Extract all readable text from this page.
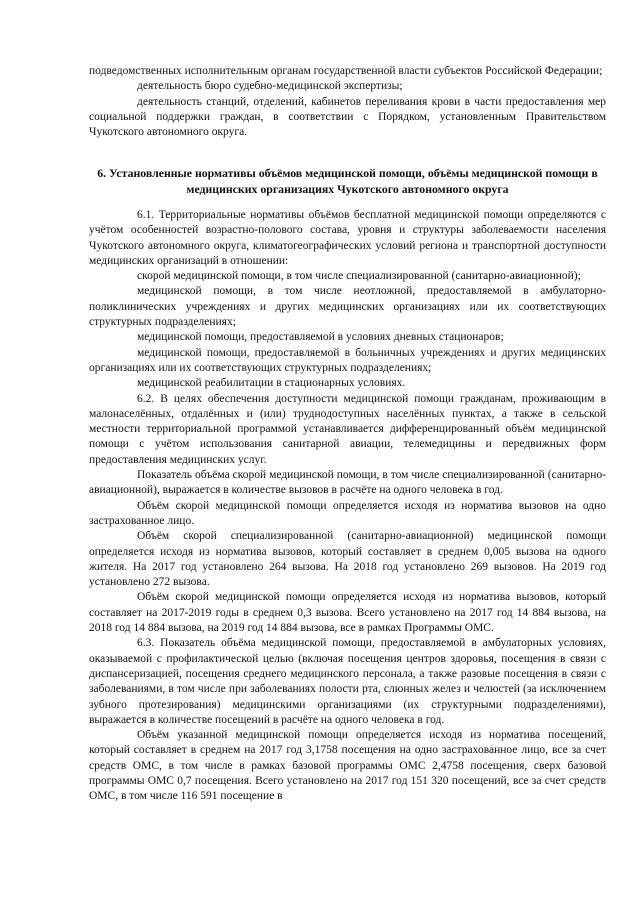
подведомственных исполнительным органам государственной власти субъектов Российской Федерации;

деятельность бюро судебно-медицинской экспертизы;

деятельность станций, отделений, кабинетов переливания крови в части предоставления мер социальной поддержки граждан, в соответствии с Порядком, установленным Правительством Чукотского автономного округа.

6. Установленные нормативы объёмов медицинской помощи, объёмы медицинской помощи в медицинских организациях Чукотского автономного округа

6.1. Территориальные нормативы объёмов бесплатной медицинской помощи определяются с учётом особенностей возрастно-полового состава, уровня и структуры заболеваемости населения Чукотского автономного округа, климатогеографических условий региона и транспортной доступности медицинских организаций в отношении:

скорой медицинской помощи, в том числе специализированной (санитарно-авиационной);

медицинской помощи, в том числе неотложной, предоставляемой в амбулаторно-поликлинических учреждениях и других медицинских организациях или их соответствующих структурных подразделениях;

медицинской помощи, предоставляемой в условиях дневных стационаров;

медицинской помощи, предоставляемой в больничных учреждениях и других медицинских организациях или их соответствующих структурных подразделениях;

медицинской реабилитации в стационарных условиях.

6.2. В целях обеспечения доступности медицинской помощи гражданам, проживающим в малонаселённых, отдалённых и (или) труднодоступных населённых пунктах, а также в сельской местности территориальной программой устанавливается дифференцированный объём медицинской помощи с учётом использования санитарной авиации, телемедицины и передвижных форм предоставления медицинских услуг.

Показатель объёма скорой медицинской помощи, в том числе специализированной (санитарно-авиационной), выражается в количестве вызовов в расчёте на одного человека в год.

Объём скорой медицинской помощи определяется исходя из норматива вызовов на одно застрахованное лицо.

Объём скорой специализированной (санитарно-авиационной) медицинской помощи определяется исходя из норматива вызовов, который составляет в среднем 0,005 вызова на одного жителя. На 2017 год установлено 264 вызова. На 2018 год установлено 269 вызовов. На 2019 год установлено 272 вызова.

Объём скорой медицинской помощи определяется исходя из норматива вызовов, который составляет на 2017-2019 годы в среднем 0,3 вызова. Всего установлено на 2017 год 14 884 вызова, на 2018 год 14 884 вызова, на 2019 год 14 884 вызова, все в рамках Программы ОМС.

6.3. Показатель объёма медицинской помощи, предоставляемой в амбулаторных условиях, оказываемой с профилактической целью (включая посещения центров здоровья, посещения в связи с диспансеризацией, посещения среднего медицинского персонала, а также разовые посещения в связи с заболеваниями, в том числе при заболеваниях полости рта, слюнных желез и челюстей (за исключением зубного протезирования) медицинскими организациями (их структурными подразделениями), выражается в количестве посещений в расчёте на одного человека в год.

Объём указанной медицинской помощи определяется исходя из норматива посещений, который составляет в среднем на 2017 год 3,1758 посещения на одно застрахованное лицо, все за счет средств ОМС, в том числе в рамках базовой программы ОМС 2,4758 посещения, сверх базовой программы ОМС 0,7 посещения. Всего установлено на 2017 год 151 320 посещений, все за счет средств ОМС, в том числе 116 591 посещение в
